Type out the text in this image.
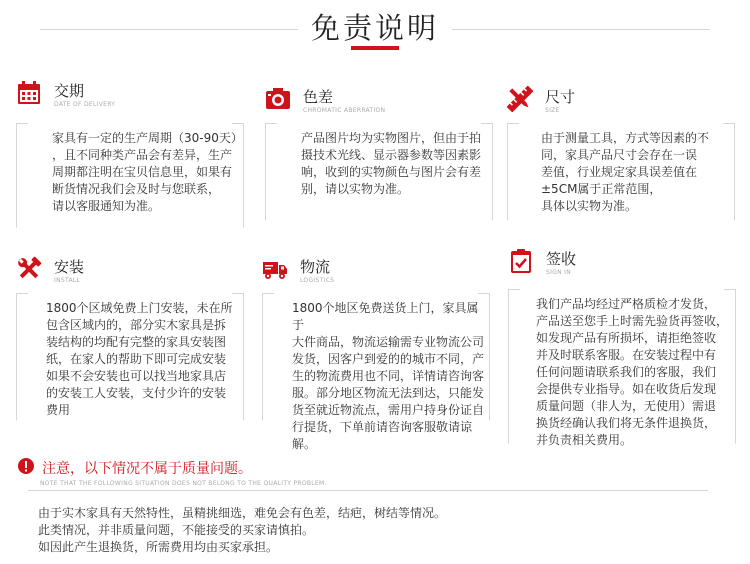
免责说明
交期
DATE OF DELIVERY
家具有一定的生产周期（30-90天）
，且不同种类产品会有差异，生产
周期都注明在宝贝信息里，如果有
断货情况我们会及时与您联系，
请以客服通知为准。
色差
CHROMATIC ABERRATION
产品图片均为实物图片，但由于拍
摄技术光线、显示器参数等因素影
响，收到的实物颜色与图片会有差
别，请以实物为准。
尺寸
SIZE
由于测量工具，方式等因素的不
同，家具产品尺寸会存在一误
差值，行业规定家具误差值在
±5CM属于正常范围，
具体以实物为准。
安装
INSTALL
1800个区域免费上门安装，未在所
包含区域内的，部分实木家具是拆
装结构的均配有完整的家具安装图
纸，在家人的帮助下即可完成安装
如果不会安装也可以找当地家具店
的安装工人安装，支付少许的安装
费用
物流
LOGISTICS
1800个地区免费送货上门，家具属于
大件商品，物流运输需专业物流公司
发货，因客户到爱的的城市不同，产
生的物流费用也不同，详情请咨询客
服。部分地区物流无法到达，只能发
货至就近物流点，需用户持身份证自
行提货，下单前请咨询客服敬请谅解。
签收
SIGN IN
我们产品均经过严格质检才发货，
产品送至您手上时需先验货再签收，
如发现产品有所损坏，请拒绝签收
并及时联系客服。在安装过程中有
任何问题请联系我们的客服，我们
会提供专业指导。如在收货后发现
质量问题（非人为，无使用）需退
换货经确认我们将无条件退换货，
并负责相关费用。
注意，以下情况不属于质量问题。
NOTE THAT THE FOLLOWING SITUATION DOES NOT BELONG TO THE QUALITY PROBLEM.
由于实木家具有天然特性，虽精挑细选，难免会有色差，结疤，树结等情况。
此类情况，并非质量问题，不能接受的买家请慎拍。
如因此产生退换货，所需费用均由买家承担。
